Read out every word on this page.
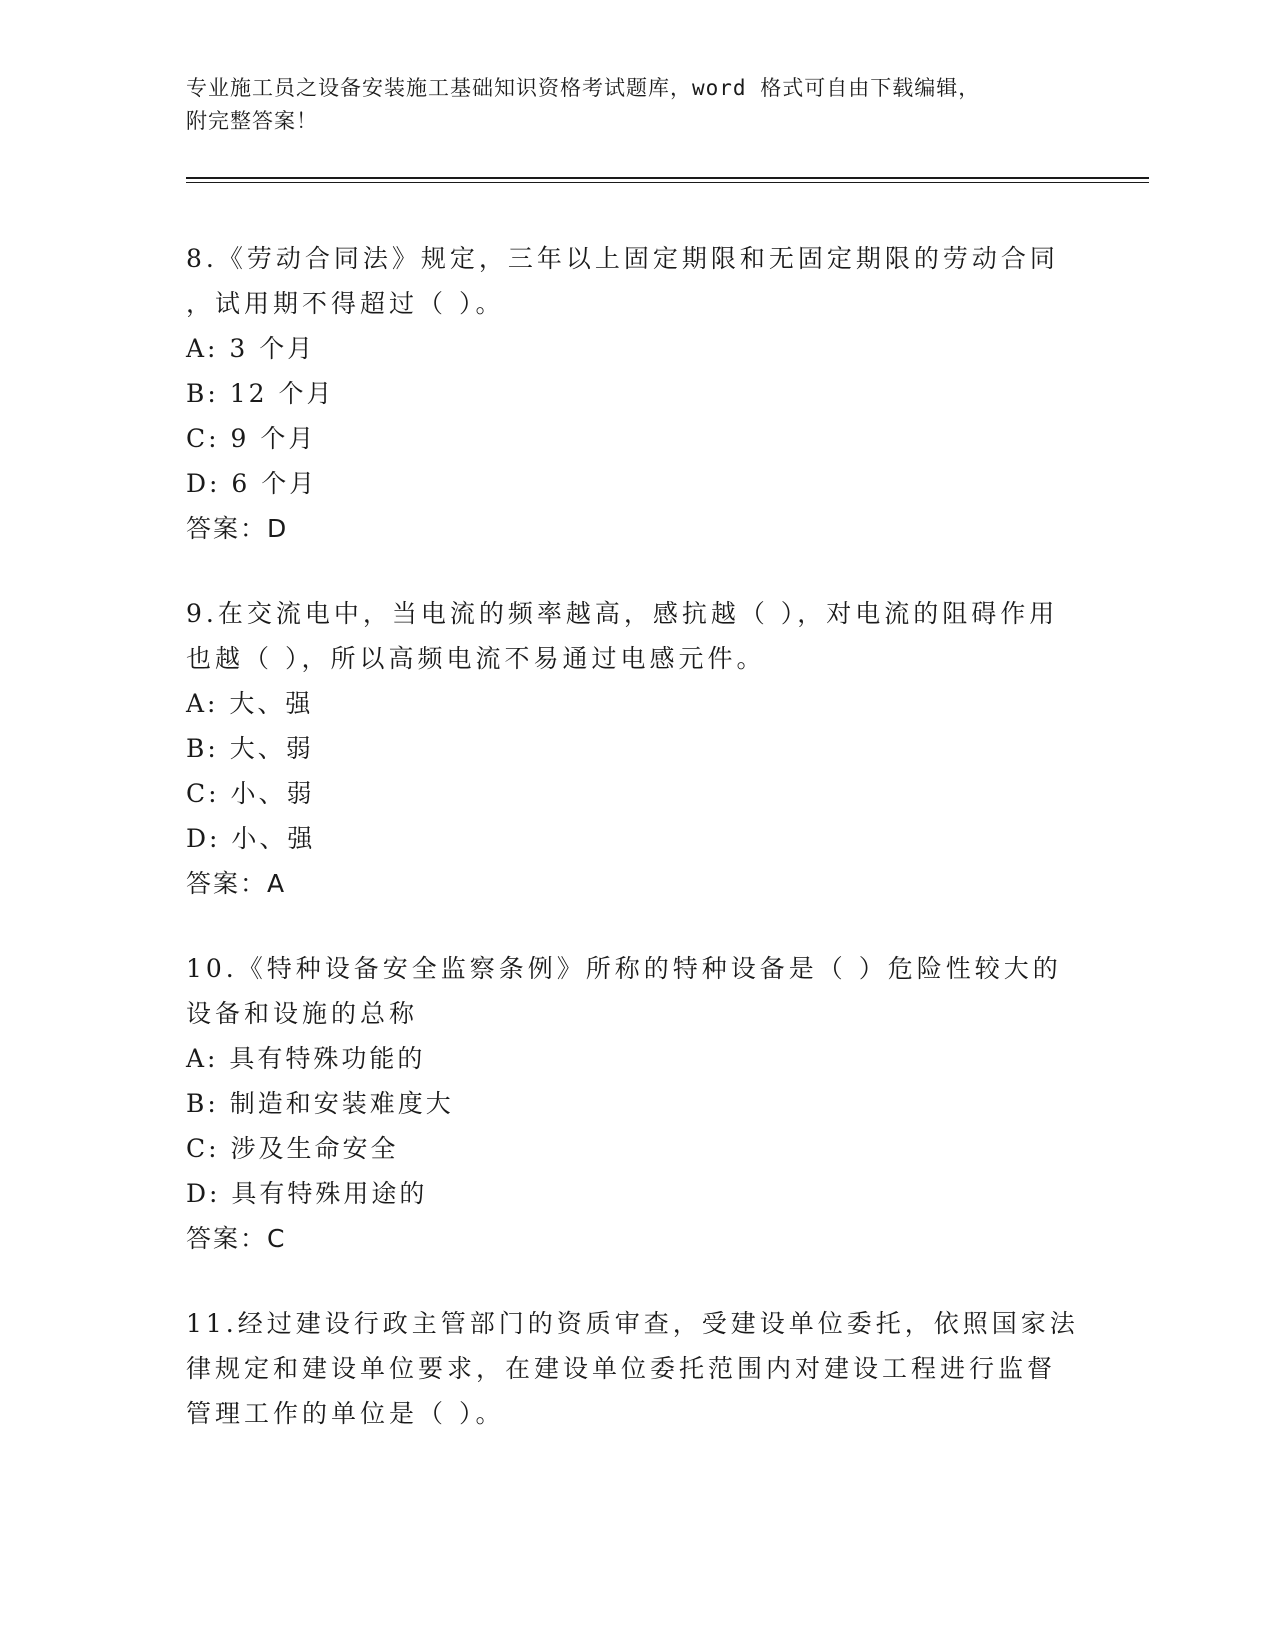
专业施工员之设备安装施工基础知识资格考试题库，word 格式可自由下载编辑，
附完整答案！

8.《劳动合同法》规定，三年以上固定期限和无固定期限的劳动合同

，试用期不得超过（ ）。

A: 3 个月

B: 12 个月

C: 9 个月

D: 6 个月

答案：D

9.在交流电中，当电流的频率越高，感抗越（ ），对电流的阻碍作用

也越（ ），所以高频电流不易通过电感元件。

A: 大、强

B: 大、弱

C: 小、弱

D: 小、强

答案：A

10.《特种设备安全监察条例》所称的特种设备是（ ）危险性较大的

设备和设施的总称

A: 具有特殊功能的

B: 制造和安装难度大

C: 涉及生命安全

D: 具有特殊用途的

答案：C

11.经过建设行政主管部门的资质审查，受建设单位委托，依照国家法

律规定和建设单位要求，在建设单位委托范围内对建设工程进行监督

管理工作的单位是（ ）。
